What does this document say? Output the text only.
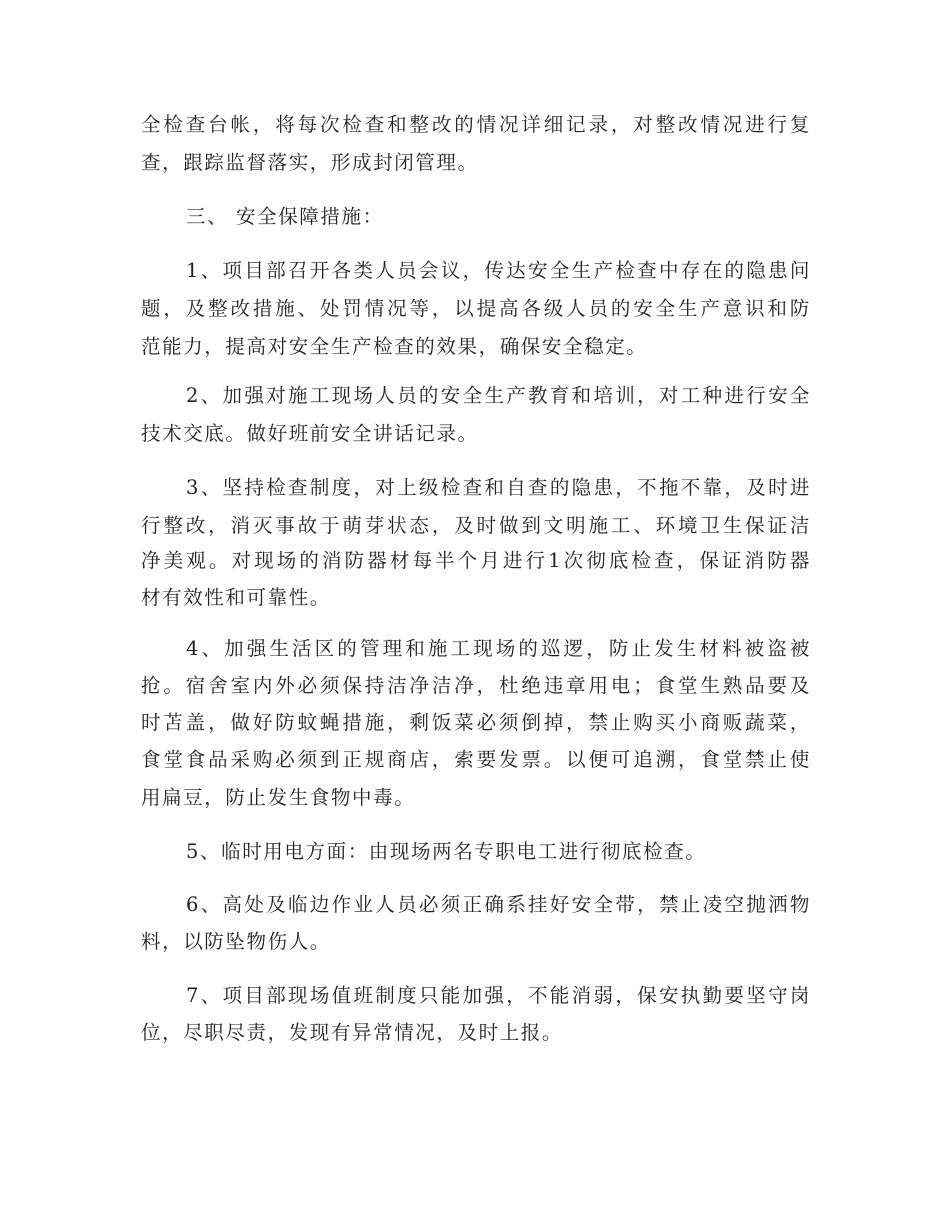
全检查台帐，将每次检查和整改的情况详细记录，对整改情况进行复
查，跟踪监督落实，形成封闭管理。
三、 安全保障措施：
1、项目部召开各类人员会议，传达安全生产检查中存在的隐患问
题，及整改措施、处罚情况等，以提高各级人员的安全生产意识和防
范能力，提高对安全生产检查的效果，确保安全稳定。
2、加强对施工现场人员的安全生产教育和培训，对工种进行安全
技术交底。做好班前安全讲话记录。
3、坚持检查制度，对上级检查和自查的隐患，不拖不靠，及时进
行整改，消灭事故于萌芽状态，及时做到文明施工、环境卫生保证洁
净美观。对现场的消防器材每半个月进行1次彻底检查，保证消防器
材有效性和可靠性。
4、加强生活区的管理和施工现场的巡逻，防止发生材料被盗被
抢。宿舍室内外必须保持洁净洁净，杜绝违章用电；食堂生熟品要及
时苫盖，做好防蚊蝇措施，剩饭菜必须倒掉，禁止购买小商贩蔬菜，
食堂食品采购必须到正规商店，索要发票。以便可追溯，食堂禁止使
用扁豆，防止发生食物中毒。
5、临时用电方面：由现场两名专职电工进行彻底检查。
6、高处及临边作业人员必须正确系挂好安全带，禁止凌空抛洒物
料，以防坠物伤人。
7、项目部现场值班制度只能加强，不能消弱，保安执勤要坚守岗
位，尽职尽责，发现有异常情况，及时上报。
